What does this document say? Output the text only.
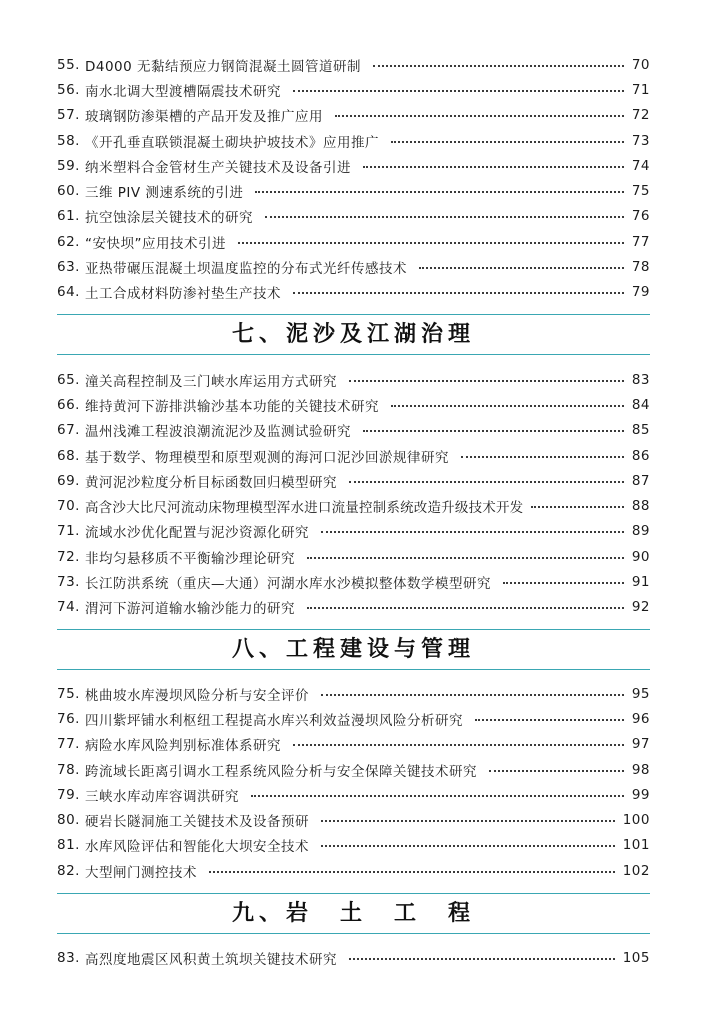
55. D4000 无黏结预应力钢筒混凝土圆管道研制	70
56. 南水北调大型渡槽隔震技术研究	71
57. 玻璃钢防渗渠槽的产品开发及推广应用	72
58. 《开孔垂直联锁混凝土砌块护坡技术》应用推广	73
59. 纳米塑料合金管材生产关键技术及设备引进	74
60. 三维 PIV 测速系统的引进	75
61. 抗空蚀涂层关键技术的研究	76
62. “安快坝”应用技术引进	77
63. 亚热带碾压混凝土坝温度监控的分布式光纤传感技术	78
64. 土工合成材料防渗衬垫生产技术	79
七、泥沙及江湖治理
65. 潼关高程控制及三门峡水库运用方式研究	83
66. 维持黄河下游排洪输沙基本功能的关键技术研究	84
67. 温州浅滩工程波浪潮流泥沙及监测试验研究	85
68. 基于数学、物理模型和原型观测的海河口泥沙回淤规律研究	86
69. 黄河泥沙粒度分析目标函数回归模型研究	87
70. 高含沙大比尺河流动床物理模型浑水进口流量控制系统改造升级技术开发	88
71. 流域水沙优化配置与泥沙资源化研究	89
72. 非均匀悬移质不平衡输沙理论研究	90
73. 长江防洪系统（重庆—大通）河湖水库水沙模拟整体数学模型研究	91
74. 渭河下游河道输水输沙能力的研究	92
八、工程建设与管理
75. 桃曲坡水库漫坝风险分析与安全评价	95
76. 四川紫坪铺水利枢纽工程提高水库兴利效益漫坝风险分析研究	96
77. 病险水库风险判别标准体系研究	97
78. 跨流域长距离引调水工程系统风险分析与安全保障关键技术研究	98
79. 三峡水库动库容调洪研究	99
80. 硬岩长隧洞施工关键技术及设备预研	100
81. 水库风险评估和智能化大坝安全技术	101
82. 大型闸门测控技术	102
九、岩　土　工　程
83. 高烈度地震区风积黄土筑坝关键技术研究	105
